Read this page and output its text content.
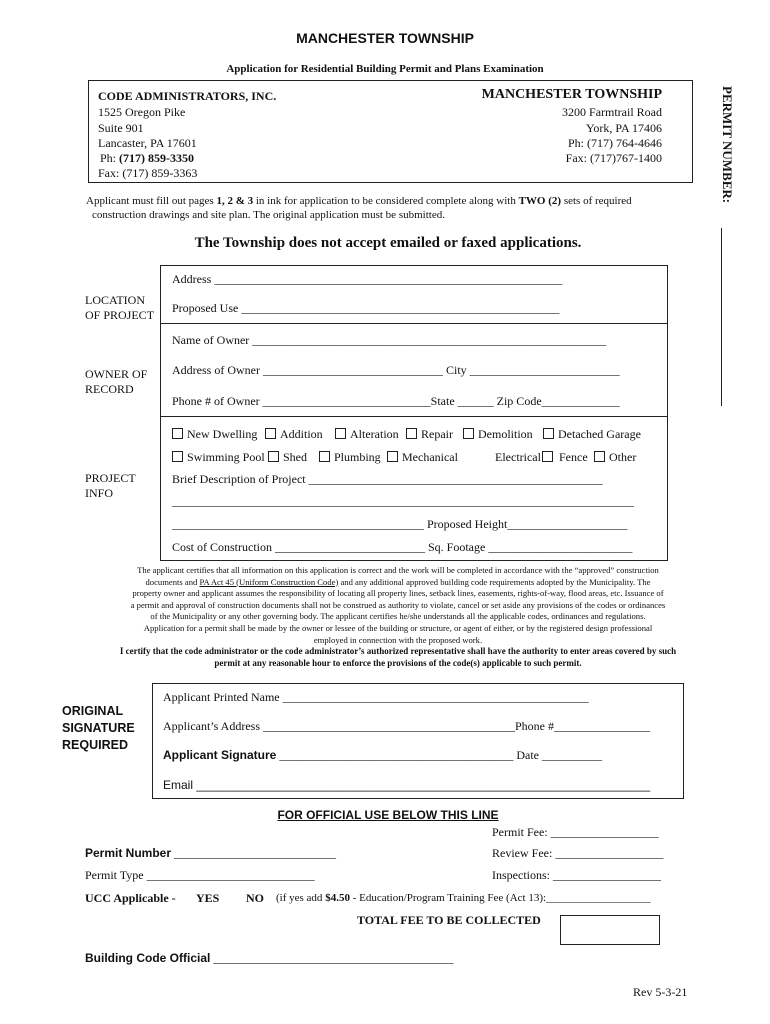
MANCHESTER TOWNSHIP
Application for Residential Building Permit and Plans Examination
PERMIT NUMBER:
CODE ADMINISTRATORS, INC.
1525 Oregon Pike
Suite 901
Lancaster, PA 17601
Ph: (717) 859-3350
Fax: (717) 859-3363
MANCHESTER TOWNSHIP
3200 Farmtrail Road
York, PA 17406
Ph: (717) 764-4646
Fax: (717)767-1400
Applicant must fill out pages 1, 2 & 3 in ink for application to be considered complete along with TWO (2) sets of required
construction drawings and site plan. The original application must be submitted.
The Township does not accept emailed or faxed applications.
LOCATION
OF PROJECT
Address __________________________________________________________
Proposed Use _____________________________________________________
OWNER OF
RECORD
Name of Owner ___________________________________________________________
Address of Owner ______________________________ City _________________________
Phone # of Owner ____________________________State ______ Zip Code_____________
PROJECT
INFO
New Dwelling	Addition	Alteration	Repair	Demolition	Detached Garage
Swimming Pool	Shed	Plumbing	Mechanical	Electrical	Fence	Other
Brief Description of Project _________________________________________________
_____________________________________________________________________________
__________________________________________ Proposed Height____________________
Cost of Construction _________________________ Sq. Footage ________________________
The applicant certifies that all information on this application is correct and the work will be completed in accordance with the “approved” construction
documents and PA Act 45 (Uniform Construction Code) and any additional approved building code requirements adopted by the Municipality. The
property owner and applicant assumes the responsibility of locating all property lines, setback lines, easements, rights-of-way, flood areas, etc. Issuance of
a permit and approval of construction documents shall not be construed as authority to violate, cancel or set aside any provisions of the codes or ordinances
of the Municipality or any other governing body. The applicant certifies he/she understands all the applicable codes, ordinances and regulations.
Application for a permit shall be made by the owner or lessee of the building or structure, or agent of either, or by the registered design professional
employed in connection with the proposed work.
I certify that the code administrator or the code administrator’s authorized representative shall have the authority to enter areas covered by such
permit at any reasonable hour to enforce the provisions of the code(s) applicable to such permit.
ORIGINAL
SIGNATURE
REQUIRED
Applicant Printed Name ___________________________________________________
Applicant’s Address __________________________________________Phone #________________
Applicant Signature _______________________________________ Date __________
Email ____________________________________________________________________
FOR OFFICIAL USE BELOW THIS LINE
Permit Fee: __________________
Permit Number ___________________________	Review Fee: __________________
Permit Type ____________________________	Inspections: __________________
UCC Applicable - YES NO (if yes add $4.50 - Education/Program Training Fee (Act 13):___________________
TOTAL FEE TO BE COLLECTED
Building Code Official ________________________________________
Rev 5-3-21
